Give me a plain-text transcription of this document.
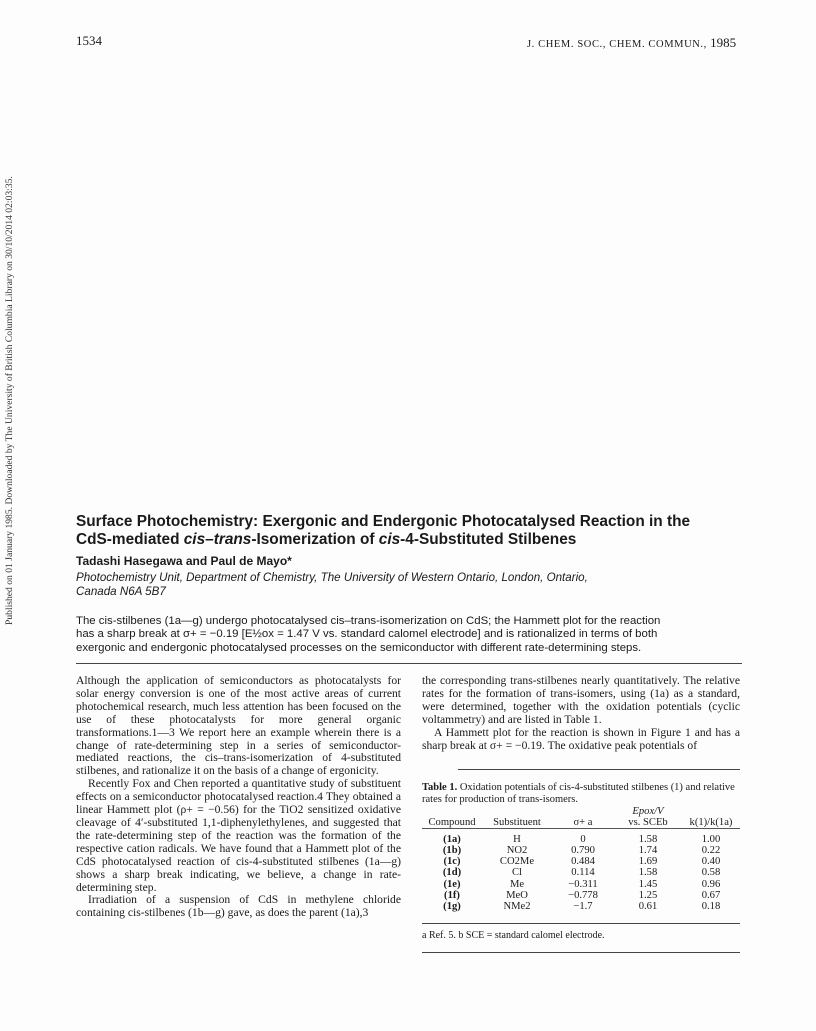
1534	J. CHEM. SOC., CHEM. COMMUN., 1985
Published on 01 January 1985. Downloaded by The University of British Columbia Library on 30/10/2014 02:03:35.	Surface Photochemistry: Exergonic and Endergonic Photocatalysed Reaction in the
CdS-mediated cis–trans-Isomerization of cis-4-Substituted Stilbenes
Tadashi Hasegawa and Paul de Mayo*
Photochemistry Unit, Department of Chemistry, The University of Western Ontario, London, Ontario,
Canada N6A 5B7
The cis-stilbenes (1a—g) undergo photocatalysed cis–trans-isomerization on CdS; the Hammett plot for the reaction
has a sharp break at σ+ = −0.19 [E½ox = 1.47 V vs. standard calomel electrode] and is rationalized in terms of both
exergonic and endergonic photocatalysed processes on the semiconductor with different rate-determining steps.

Although the application of semiconductors as photocatalysts for solar energy conversion is one of the most active areas of current photochemical research, much less attention has been focused on the use of these photocatalysts for more general organic transformations.1—3 We report here an example wherein there is a change of rate-determining step in a series of semiconductor-mediated reactions, the cis–trans-isomerization of 4-substituted stilbenes, and rationalize it on the basis of a change of ergonicity.

Recently Fox and Chen reported a quantitative study of substituent effects on a semiconductor photocatalysed reaction.4 They obtained a linear Hammett plot (ρ+ = −0.56) for the TiO2 sensitized oxidative cleavage of 4′-substituted 1,1-diphenylethylenes, and suggested that the rate-determining step of the reaction was the formation of the respective cation radicals. We have found that a Hammett plot of the CdS photocatalysed reaction of cis-4-substituted stilbenes (1a—g) shows a sharp break indicating, we believe, a change in rate-determining step.

Irradiation of a suspension of CdS in methylene chloride containing cis-stilbenes (1b—g) gave, as does the parent (1a),3

the corresponding trans-stilbenes nearly quantitatively. The relative rates for the formation of trans-isomers, using (1a) as a standard, were determined, together with the oxidation potentials (cyclic voltammetry) and are listed in Table 1.

A Hammett plot for the reaction is shown in Figure 1 and has a sharp break at σ+ = −0.19. The oxidative peak potentials of

Table 1. Oxidation potentials of cis-4-substituted stilbenes (1) and relative rates for production of trans-isomers.
			Epox/V	
Compound	Substituent	σ+ a	vs. SCEb	k(1)/k(1a)

(1a)	H	0	1.58	1.00
(1b)	NO2	0.790	1.74	0.22
(1c)	CO2Me	0.484	1.69	0.40
(1d)	Cl	0.114	1.58	0.58
(1e)	Me	−0.311	1.45	0.96
(1f)	MeO	−0.778	1.25	0.67
(1g)	NMe2	−1.7	0.61	0.18
a Ref. 5. b SCE = standard calomel electrode.
